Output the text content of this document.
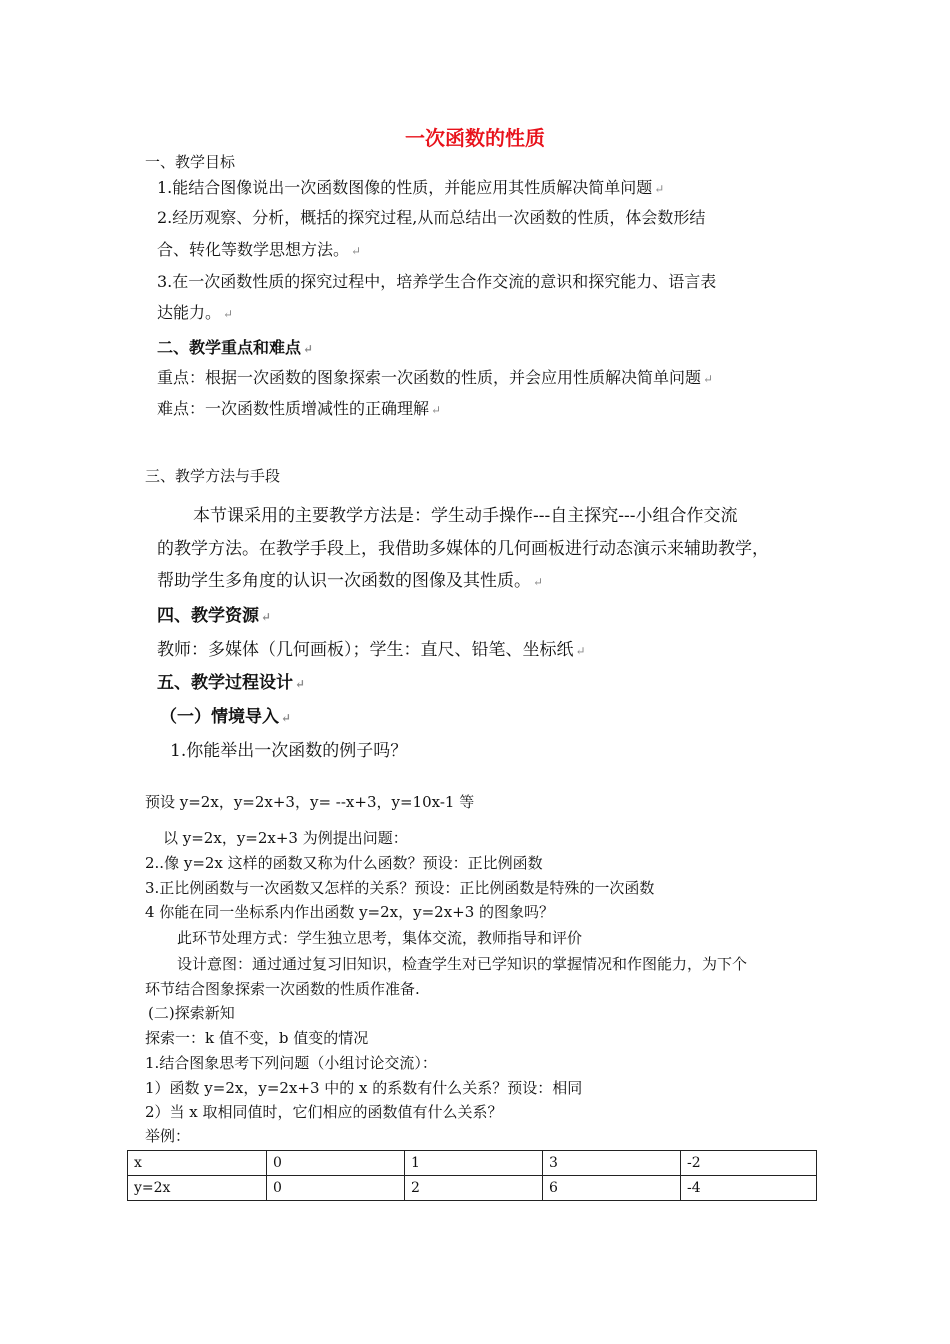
一次函数的性质
一、教学目标
1.能结合图像说出一次函数图像的性质，并能应用其性质解决简单问题 ↵
2.经历观察、分析，概括的探究过程,从而总结出一次函数的性质，体会数形结
合、转化等数学思想方法。 ↵
3.在一次函数性质的探究过程中，培养学生合作交流的意识和探究能力、语言表
达能力。 ↵
二、教学重点和难点 ↵
重点：根据一次函数的图象探索一次函数的性质，并会应用性质解决简单问题 ↵
难点：一次函数性质增减性的正确理解 ↵
三、教学方法与手段
本节课采用的主要教学方法是：学生动手操作---自主探究---小组合作交流
的教学方法。在教学手段上，我借助多媒体的几何画板进行动态演示来辅助教学，
帮助学生多角度的认识一次函数的图像及其性质。 ↵
四、教学资源 ↵
教师：多媒体（几何画板）；学生：直尺、铅笔、坐标纸 ↵
五、教学过程设计 ↵
（一）情境导入 ↵
1.你能举出一次函数的例子吗？
预设 y=2x，y=2x+3，y= --x+3，y=10x-1 等
以 y=2x，y=2x+3 为例提出问题：
2..像 y=2x 这样的函数又称为什么函数？预设：正比例函数
3.正比例函数与一次函数又怎样的关系？预设：正比例函数是特殊的一次函数
4 你能在同一坐标系内作出函数 y=2x，y=2x+3 的图象吗？
此环节处理方式：学生独立思考，集体交流，教师指导和评价
设计意图：通过通过复习旧知识，检查学生对已学知识的掌握情况和作图能力，为下个
环节结合图象探索一次函数的性质作准备.
(二)探索新知
探索一：k 值不变，b 值变的情况
1.结合图象思考下列问题（小组讨论交流）：
1）函数 y=2x，y=2x+3 中的 x 的系数有什么关系？预设：相同
2）当 x 取相同值时，它们相应的函数值有什么关系？
举例：
x	0	1	3	-2
y=2x	0	2	6	-4
